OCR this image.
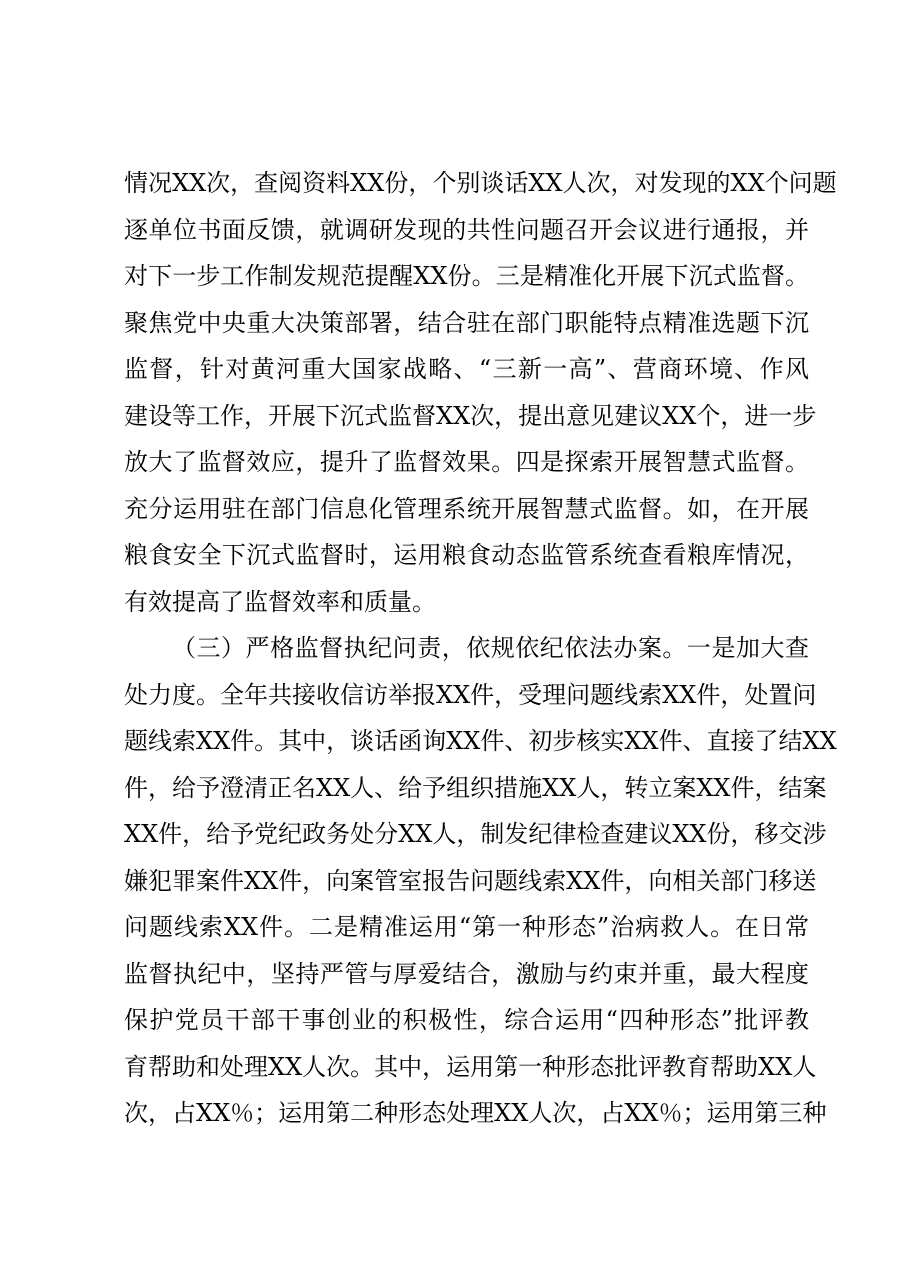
情况XX次，查阅资料XX份，个别谈话XX人次，对发现的XX个问题
逐单位书面反馈，就调研发现的共性问题召开会议进行通报，并
对下一步工作制发规范提醒XX份。三是精准化开展下沉式监督。
聚焦党中央重大决策部署，结合驻在部门职能特点精准选题下沉
监督，针对黄河重大国家战略、“三新一高”、营商环境、作风
建设等工作，开展下沉式监督XX次，提出意见建议XX个，进一步
放大了监督效应，提升了监督效果。四是探索开展智慧式监督。
充分运用驻在部门信息化管理系统开展智慧式监督。如，在开展
粮食安全下沉式监督时，运用粮食动态监管系统查看粮库情况，
有效提高了监督效率和质量。
（三）严格监督执纪问责，依规依纪依法办案。一是加大查
处力度。全年共接收信访举报XX件，受理问题线索XX件，处置问
题线索XX件。其中，谈话函询XX件、初步核实XX件、直接了结XX
件，给予澄清正名XX人、给予组织措施XX人，转立案XX件，结案
XX件，给予党纪政务处分XX人，制发纪律检查建议XX份，移交涉
嫌犯罪案件XX件，向案管室报告问题线索XX件，向相关部门移送
问题线索XX件。二是精准运用“第一种形态”治病救人。在日常
监督执纪中，坚持严管与厚爱结合，激励与约束并重，最大程度
保护党员干部干事创业的积极性，综合运用“四种形态”批评教
育帮助和处理XX人次。其中，运用第一种形态批评教育帮助XX人
次，占XX％；运用第二种形态处理XX人次，占XX％；运用第三种
